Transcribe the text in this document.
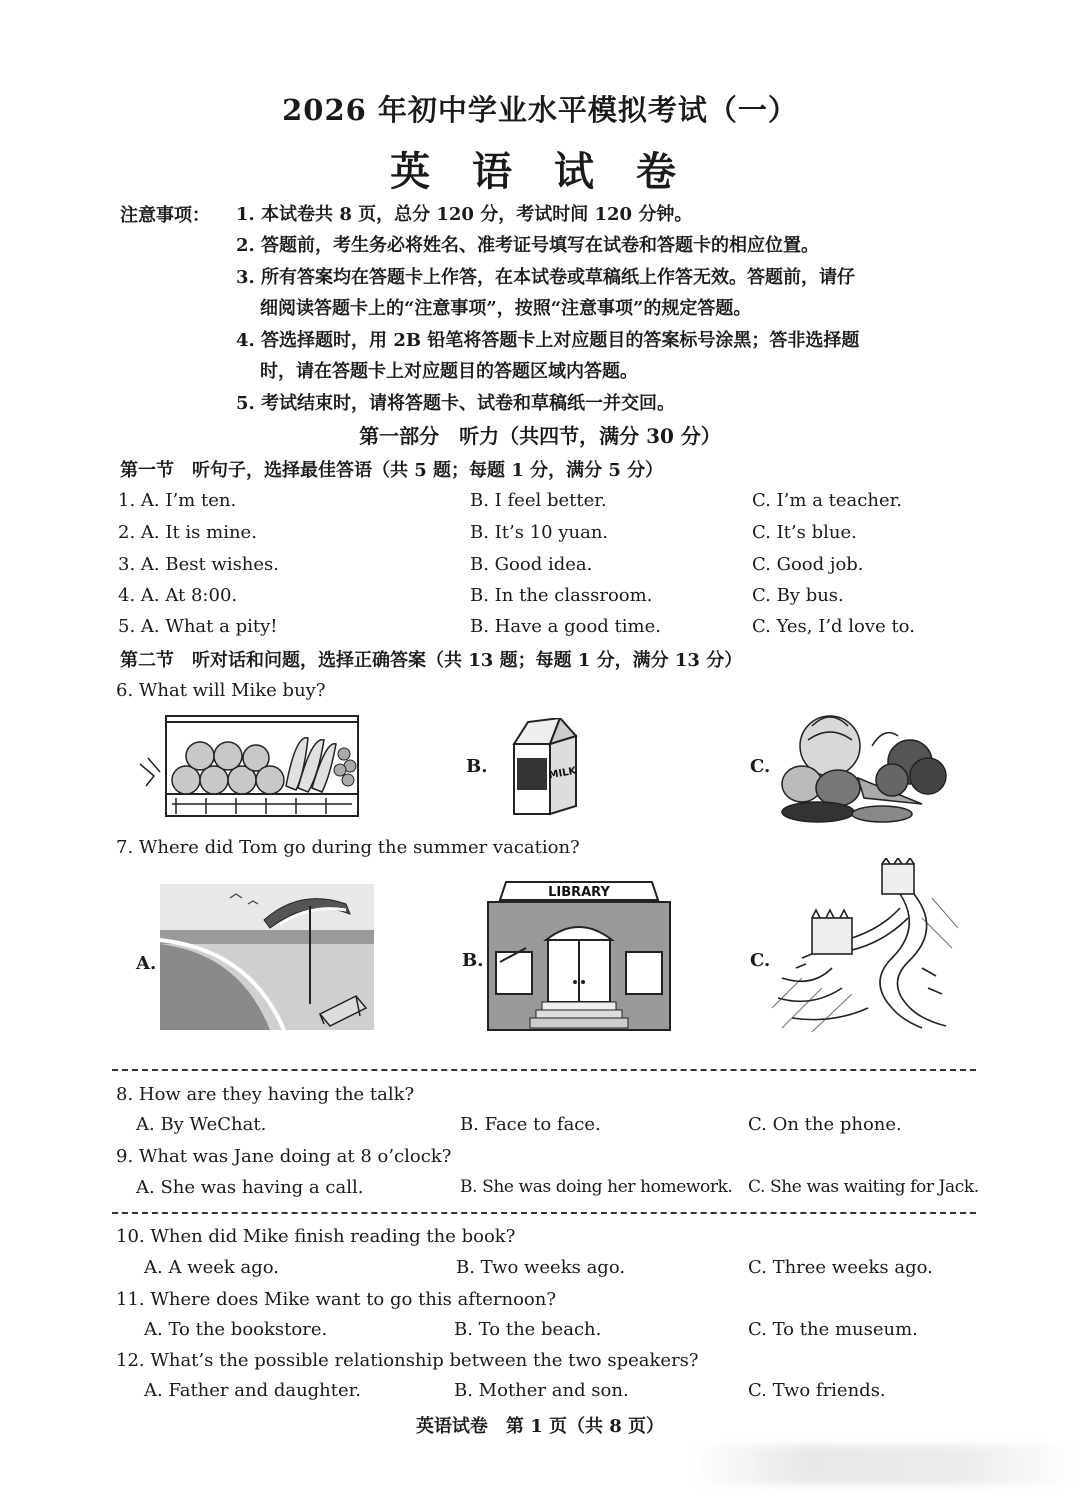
2026 年初中学业水平模拟考试（一）
英 语 试 卷
注意事项： 1. 本试卷共 8 页，总分 120 分，考试时间 120 分钟。
2. 答题前，考生务必将姓名、准考证号填写在试卷和答题卡的相应位置。
3. 所有答案均在答题卡上作答，在本试卷或草稿纸上作答无效。答题前，请仔
细阅读答题卡上的“注意事项”，按照“注意事项”的规定答题。
4. 答选择题时，用 2B 铅笔将答题卡上对应题目的答案标号涂黑；答非选择题
时，请在答题卡上对应题目的答题区域内答题。
5. 考试结束时，请将答题卡、试卷和草稿纸一并交回。
第一部分　听力（共四节，满分 30 分）
第一节　听句子，选择最佳答语（共 5 题；每题 1 分，满分 5 分）
1. A. I’m ten.	B. I feel better.	C. I’m a teacher.
2. A. It is mine.	B. It’s 10 yuan.	C. It’s blue.
3. A. Best wishes.	B. Good idea.	C. Good job.
4. A. At 8:00.	B. In the classroom.	C. By bus.
5. A. What a pity!	B. Have a good time.	C. Yes, I’d love to.
第二节　听对话和问题，选择正确答案（共 13 题；每题 1 分，满分 13 分）
6. What will Mike buy?
B.	MILK	C.
7. Where did Tom go during the summer vacation?
A.	B.
LIBRARY
C.
8. How are they having the talk?
A. By WeChat.	B. Face to face.	C. On the phone.
9. What was Jane doing at 8 o’clock?
A. She was having a call.	B. She was doing her homework. C. She was waiting for Jack.
10. When did Mike finish reading the book?
A. A week ago.	B. Two weeks ago.	C. Three weeks ago.
11. Where does Mike want to go this afternoon?
A. To the bookstore.	B. To the beach.	C. To the museum.
12. What’s the possible relationship between the two speakers?
A. Father and daughter.	B. Mother and son.	C. Two friends.
英语试卷　第 1 页（共 8 页）
